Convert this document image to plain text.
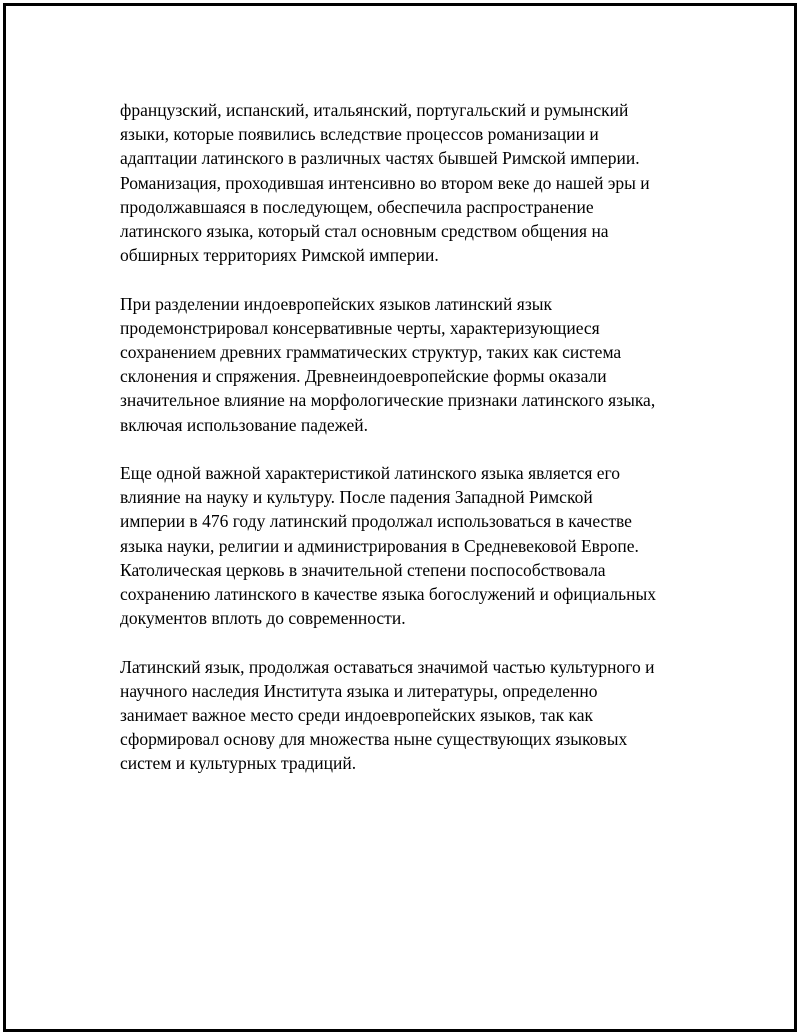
французский, испанский, итальянский, португальский и румынский
языки, которые появились вследствие процессов романизации и
адаптации латинского в различных частях бывшей Римской империи.
Романизация, проходившая интенсивно во втором веке до нашей эры и
продолжавшаяся в последующем, обеспечила распространение
латинского языка, который стал основным средством общения на
обширных территориях Римской империи.

При разделении индоевропейских языков латинский язык
продемонстрировал консервативные черты, характеризующиеся
сохранением древних грамматических структур, таких как система
склонения и спряжения. Древнеиндоевропейские формы оказали
значительное влияние на морфологические признаки латинского языка,
включая использование падежей.

Еще одной важной характеристикой латинского языка является его
влияние на науку и культуру. После падения Западной Римской
империи в 476 году латинский продолжал использоваться в качестве
языка науки, религии и администрирования в Средневековой Европе.
Католическая церковь в значительной степени поспособствовала
сохранению латинского в качестве языка богослужений и официальных
документов вплоть до современности.

Латинский язык, продолжая оставаться значимой частью культурного и
научного наследия Института языка и литературы, определенно
занимает важное место среди индоевропейских языков, так как
сформировал основу для множества ныне существующих языковых
систем и культурных традиций.
